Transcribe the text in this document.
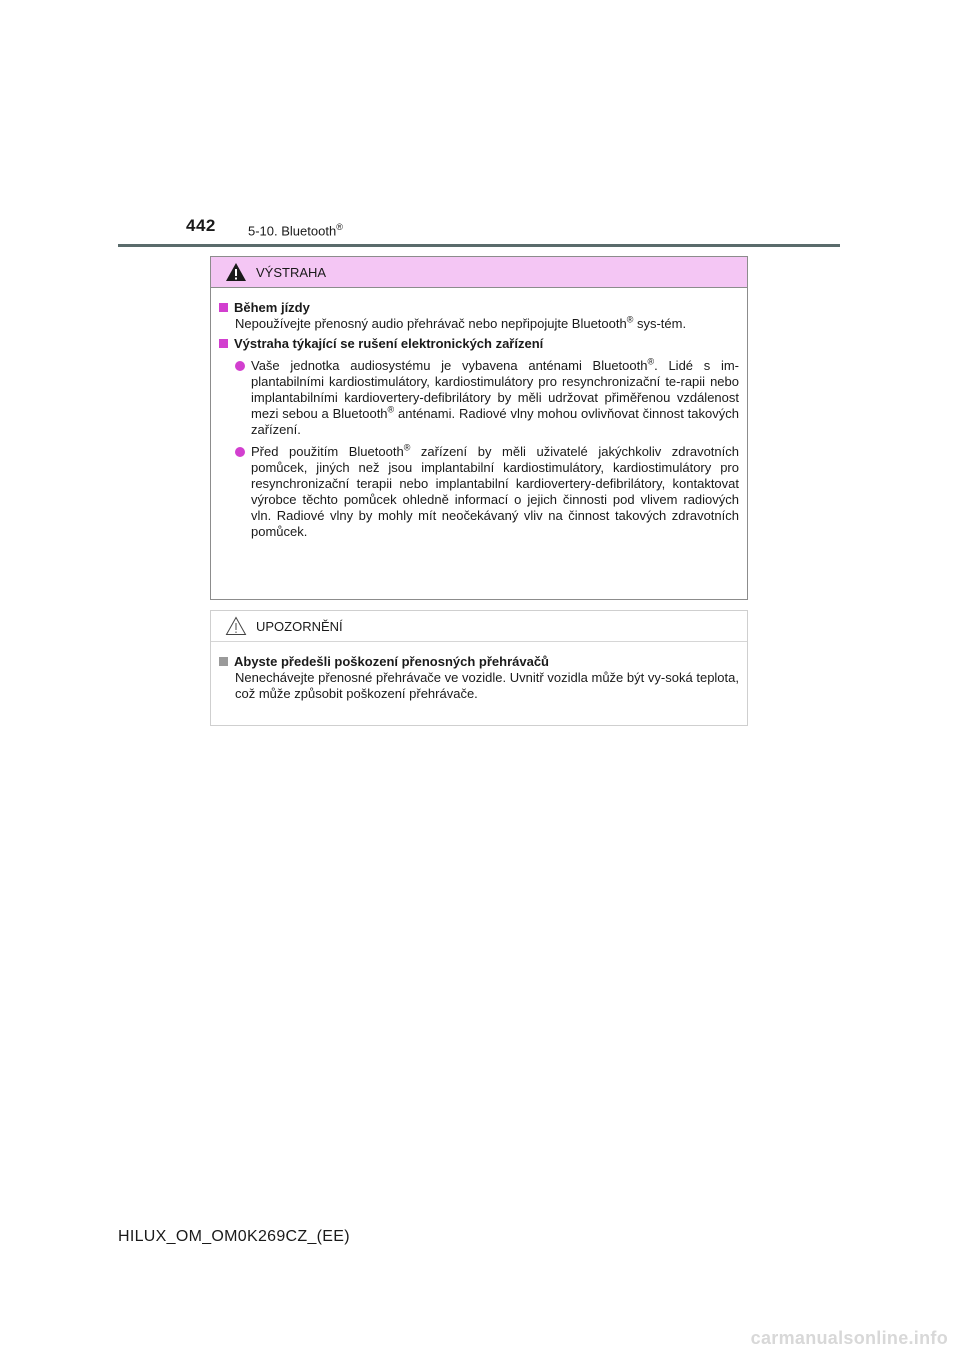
442 5-10. Bluetooth®
VÝSTRAHA
Během jízdy
Nepoužívejte přenosný audio přehrávač nebo nepřipojujte Bluetooth® sys-tém.
Výstraha týkající se rušení elektronických zařízení
Vaše jednotka audiosystému je vybavena anténami Bluetooth®. Lidé s im-plantabilními kardiostimulátory, kardiostimulátory pro resynchronizační te-rapii nebo implantabilními kardiovertery-defibrilátory by měli udržovat přiměřenou vzdálenost mezi sebou a Bluetooth® anténami. Radiové vlny mohou ovlivňovat činnost takových zařízení.
Před použitím Bluetooth® zařízení by měli uživatelé jakýchkoliv zdravotních pomůcek, jiných než jsou implantabilní kardiostimulátory, kardiostimulátory pro resynchronizační terapii nebo implantabilní kardiovertery-defibrilátory, kontaktovat výrobce těchto pomůcek ohledně informací o jejich činnosti pod vlivem radiových vln. Radiové vlny by mohly mít neočekávaný vliv na činnost takových zdravotních pomůcek.
UPOZORNĚNÍ
Abyste předešli poškození přenosných přehrávačů
Nenechávejte přenosné přehrávače ve vozidle. Uvnitř vozidla může být vy-soká teplota, což může způsobit poškození přehrávače.
HILUX_OM_OM0K269CZ_(EE)
carmanualsonline.info
